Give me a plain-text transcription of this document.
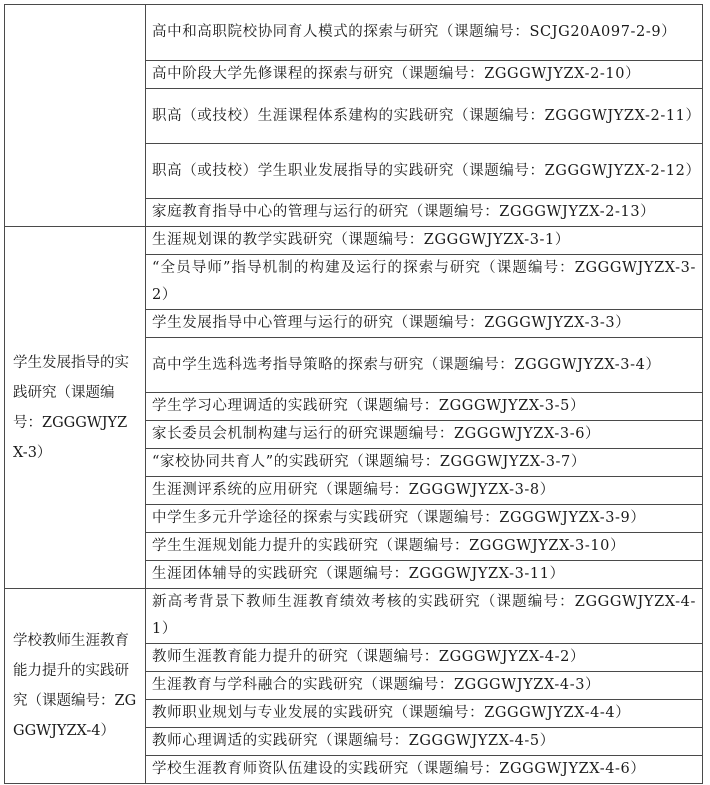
	高中和高职院校协同育人模式的探索与研究（课题编号：SCJG20A097-2-9）
	高中阶段大学先修课程的探索与研究（课题编号：ZGGGWJYZX-2-10）
	职高（或技校）生涯课程体系建构的实践研究（课题编号：ZGGGWJYZX-2-11）
	职高（或技校）学生职业发展指导的实践研究（课题编号：ZGGGWJYZX-2-12）
	家庭教育指导中心的管理与运行的研究（课题编号：ZGGGWJYZX-2-13）
学生发展指导的实践研究（课题编号：ZGGGWJYZX-3）	生涯规划课的教学实践研究（课题编号：ZGGGWJYZX-3-1）
	“全员导师”指导机制的构建及运行的探索与研究（课题编号：ZGGGWJYZX-3-2）
	学生发展指导中心管理与运行的研究（课题编号：ZGGGWJYZX-3-3）
	高中学生选科选考指导策略的探索与研究（课题编号：ZGGGWJYZX-3-4）
	学生学习心理调适的实践研究（课题编号：ZGGGWJYZX-3-5）
	家长委员会机制构建与运行的研究课题编号：ZGGGWJYZX-3-6）
	“家校协同共育人”的实践研究（课题编号：ZGGGWJYZX-3-7）
	生涯测评系统的应用研究（课题编号：ZGGGWJYZX-3-8）
	中学生多元升学途径的探索与实践研究（课题编号：ZGGGWJYZX-3-9）
	学生生涯规划能力提升的实践研究（课题编号：ZGGGWJYZX-3-10）
	生涯团体辅导的实践研究（课题编号：ZGGGWJYZX-3-11）
学校教师生涯教育能力提升的实践研究（课题编号：ZGGGWJYZX-4）	新高考背景下教师生涯教育绩效考核的实践研究（课题编号：ZGGGWJYZX-4-1）
	教师生涯教育能力提升的研究（课题编号：ZGGGWJYZX-4-2）
	生涯教育与学科融合的实践研究（课题编号：ZGGGWJYZX-4-3）
	教师职业规划与专业发展的实践研究（课题编号：ZGGGWJYZX-4-4）
	教师心理调适的实践研究（课题编号：ZGGGWJYZX-4-5）
	学校生涯教育师资队伍建设的实践研究（课题编号：ZGGGWJYZX-4-6）
